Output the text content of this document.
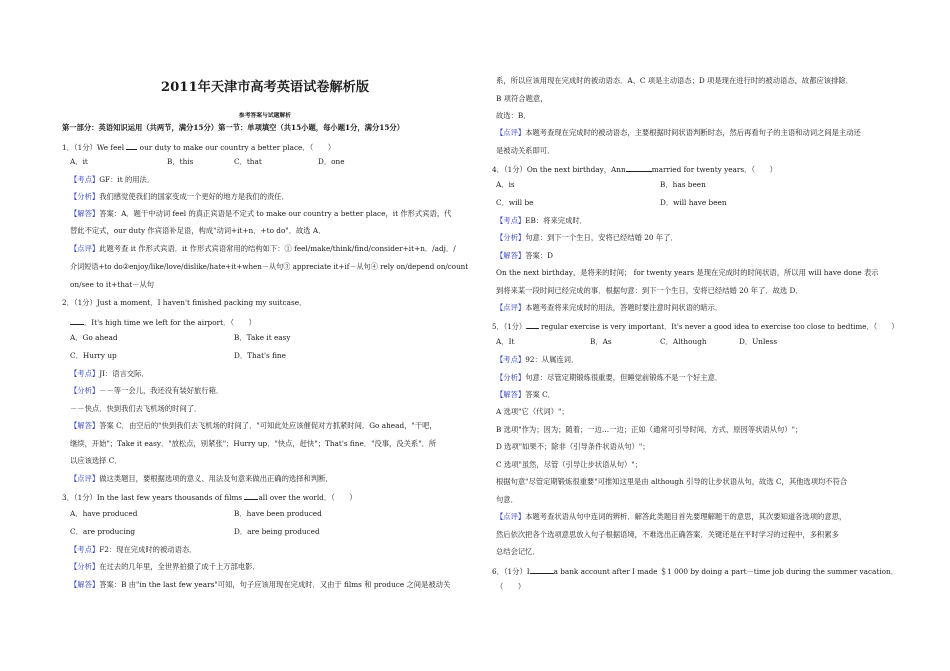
2011年天津市高考英语试卷解析版
参考答案与试题解析
第一部分：英语知识运用（共两节，满分15分）第一节：单项填空（共15小题，每小题1分，满分15分）
1．（1分）We feel  our duty to make our country a better place．（　　）
A．it	B．this	C．that	D．one
【考点】GF：it 的用法．
【分析】我们感觉使我们的国家变成一个更好的地方是我们的责任．
【解答】答案：A．题干中动词 feel 的真正宾语是不定式 to make our country a better place，it 作形式宾语，代
替此不定式，our duty 作宾语补足语，构成"动词+it+n．+to do"．故选 A．
【点评】此题考查 it 作形式宾语．it 作形式宾语常用的结构如下：① feel/make/think/find/consider+it+n．/adj．/
介词短语+to do②enjoy/like/love/dislike/hate+it+when－从句③ appreciate it+if－从句④ rely on/depend on/count
on/see to it+that－从句
2．（1分）Just a moment．I haven't finished packing my suitcase．
．It's high time we left for the airport．（　　）
A．Go ahead	B．Take it easy
C．Hurry up	D．That's fine
【考点】JI：语言交际．
【分析】－－等一会儿，我还没有装好旅行箱．
－－快点．快到我们去飞机场的时间了．
【解答】答案 C．由空后的"快到我们去飞机场的时间了．"可知此处应该催促对方抓紧时间．Go ahead，"干吧，
继续，开始"；Take it easy．"放松点，别紧张"；Hurry up．"快点，赶快"；That's fine．"没事，没关系"．所
以应该选择 C．
【点评】做这类题目，要根据选项的意义、用法及句意来做出正确的选择和判断．
3．（1分）In the last few years thousands of films all over the world．（　　）
A．have produced	B．have been produced
C．are producing	D．are being produced
【考点】F2：现在完成时的被动语态．
【分析】在过去的几年里，全世界拍摄了成千上万部电影．
【解答】答案：B 由"in the last few years"可知，句子应该用现在完成时．又由于 films 和 produce 之间是被动关
系，所以应该用现在完成时的被动语态．A、C 项是主动语态；D 项是现在进行时的被动语态，故都应该排除．
B 项符合题意，
故选：B．
【点评】本题考查现在完成时的被动语态，主要根据时间状语判断时态，然后再看句子的主语和动词之间是主动还
是被动关系即可．
4．（1分）On the next birthday，Ann	married for twenty years．（　　）
A．is	B．has been
C．will be	D．will have been
【考点】EB：将来完成时．
【分析】句意：到下一个生日，安将已经结婚 20 年了．
【解答】答案：D
On the next birthday，是将来的时间； for twenty years 是现在完成时的时间状语，所以用 will have done 表示
到将来某一段时间已经完成的事．根据句意：到下一个生日，安将已经结婚 20 年了．故选 D．
【点评】本题考查将来完成时的用法，答题时要注意时间状语的暗示．
5．（1分） regular exercise is very important．It's never a good idea to exercise too close to bedtime．（　　）
A．It	B．As	C．Although	D．Unless
【考点】92：从属连词．
【分析】句意：尽管定期锻炼很重要，但睡觉前锻炼不是一个好主意．
【解答】答案 C．
A 选项"它（代词）"；
B 选项"作为；因为；随着；一边…一边；正如（通常可引导时间、方式、原因等状语从句）"；
D 选项"如果不；除非（引导条件状语从句）"；
C 选项"虽然，尽管（引导让步状语从句）"；
根据句意"尽管定期锻炼很重要"可推知这里是由 although 引导的让步状语从句，故选 C，其他选项均不符合
句意．
【点评】本题考查状语从句中连词的辨析．解答此类题目首先要理解题干的意思，其次要知道各选项的意思，
然后依次把各个选项意思放入句子根据语境，不难选出正确答案．关键还是在平时学习的过程中，多积累多
总结会记忆．
6．（1分）I	a bank account after I made ＄1 000 by doing a part－time job during the summer vacation．
（　　）
